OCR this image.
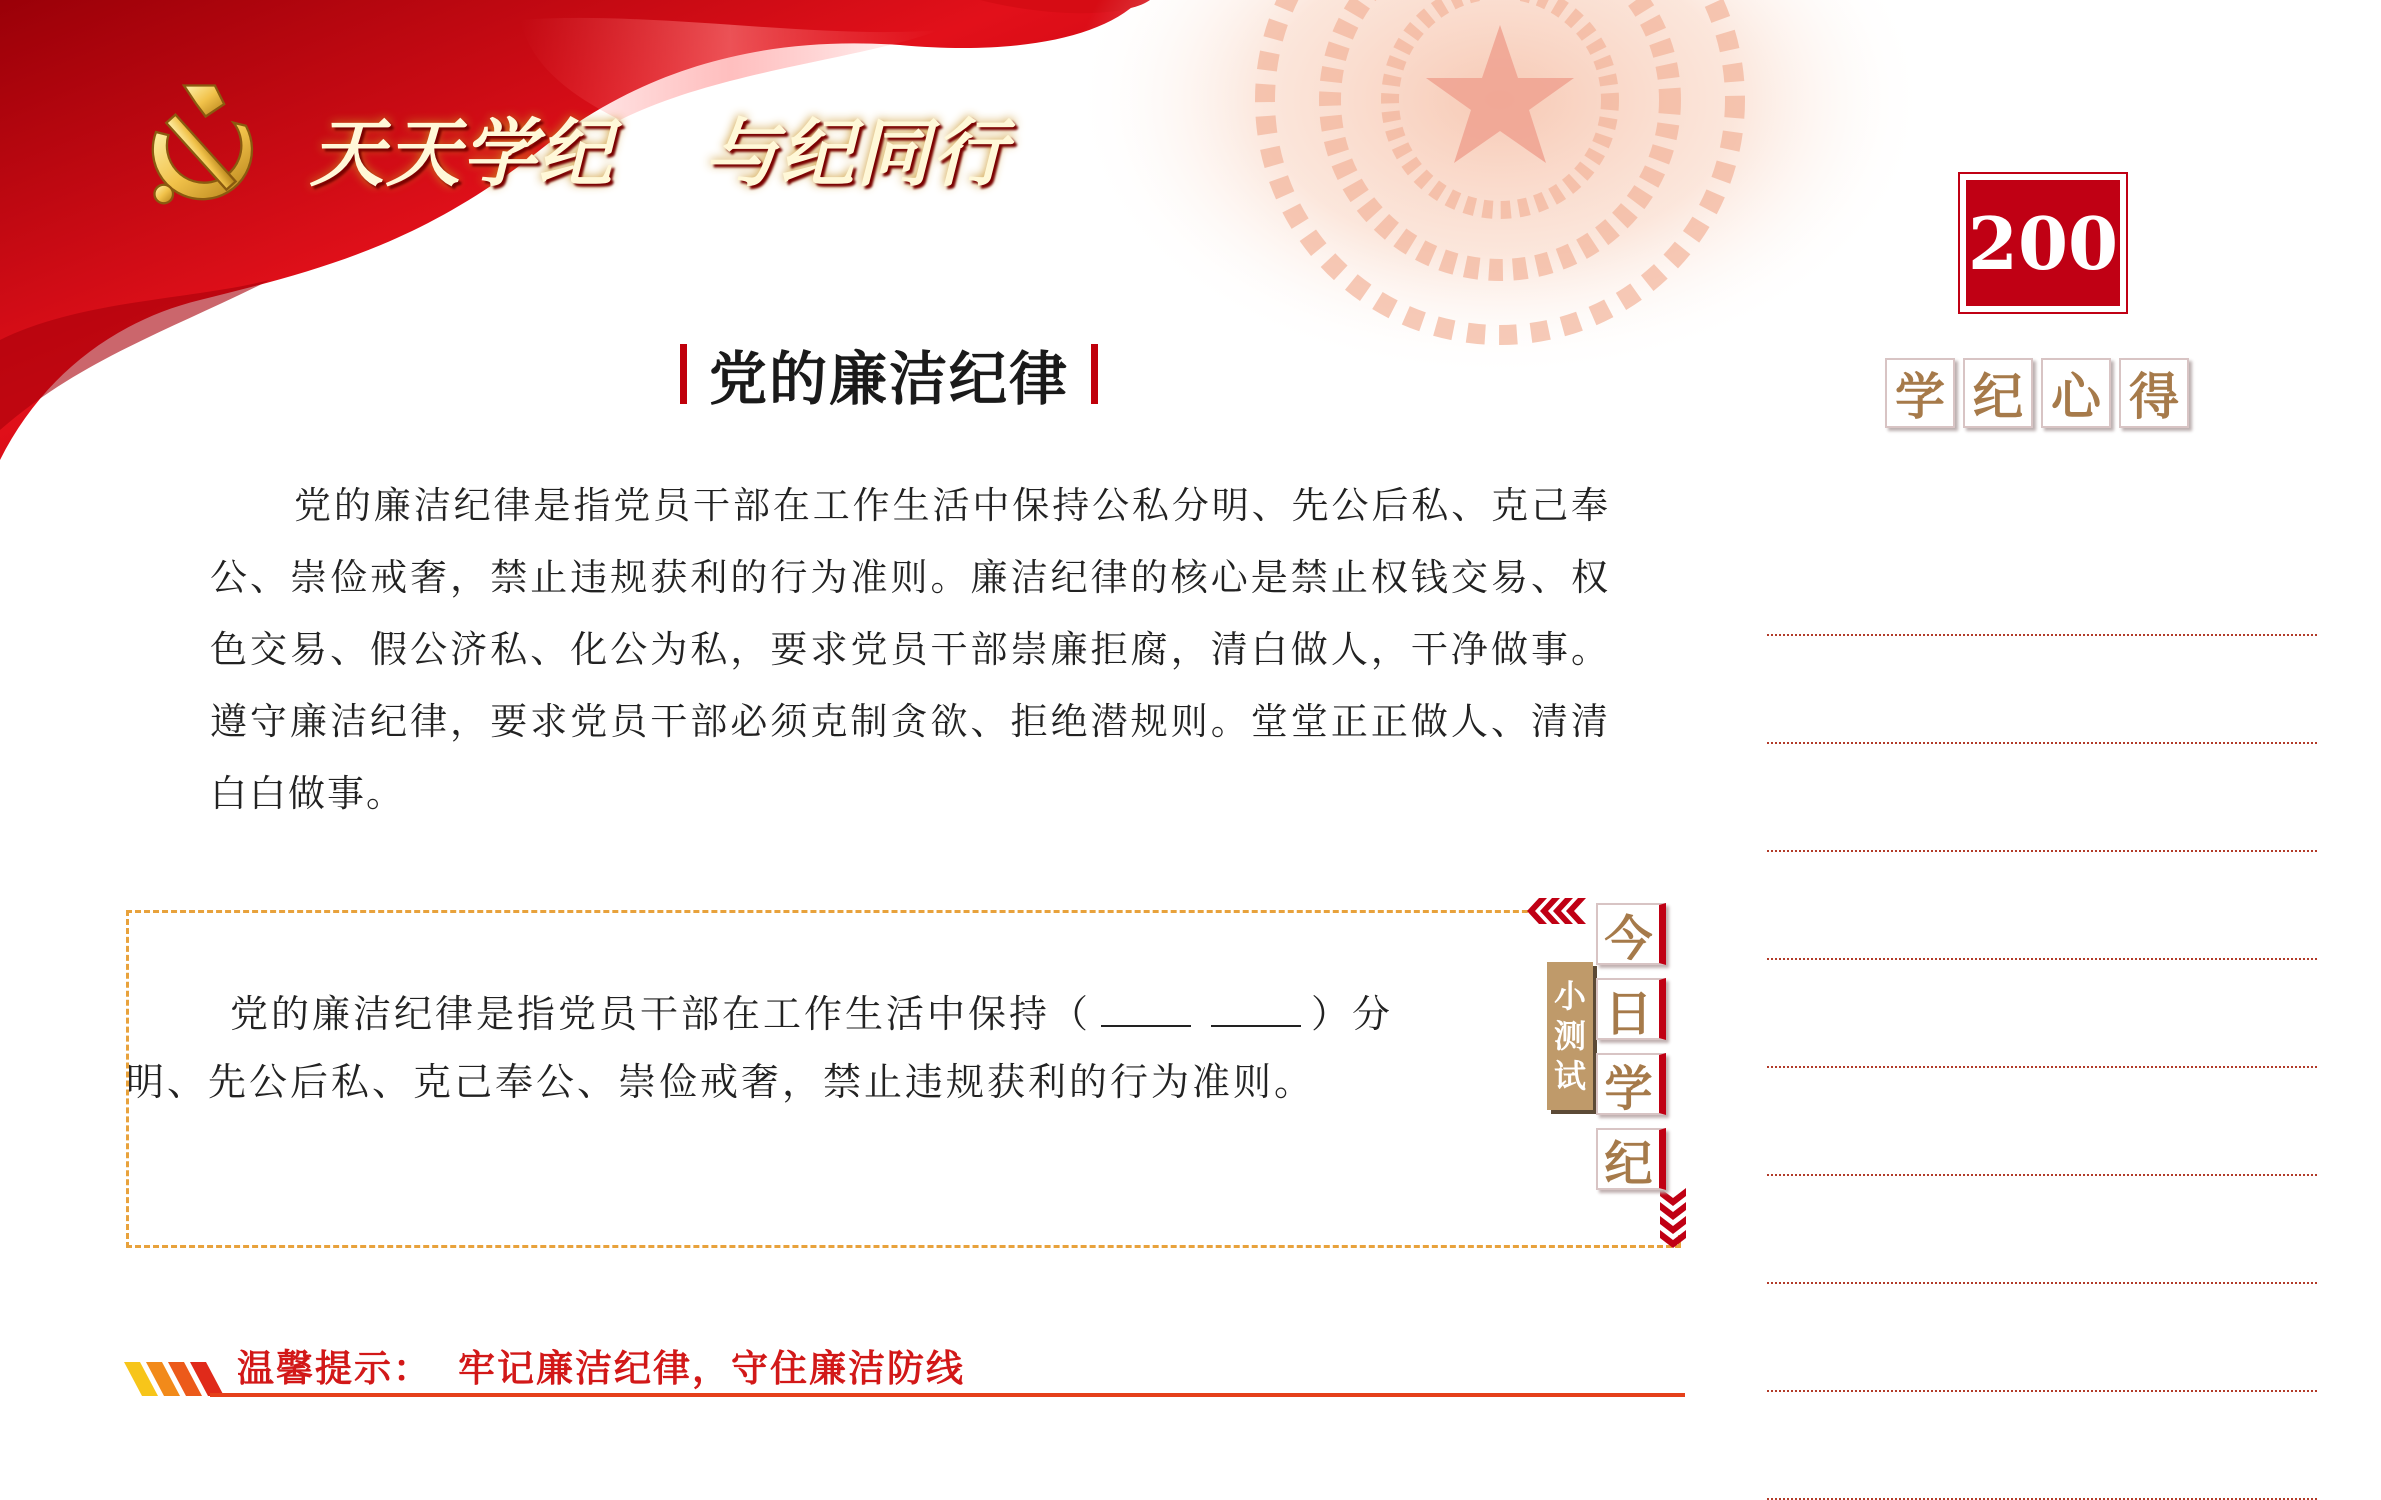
天天学纪 与纪同行
200
学 纪 心 得
党的廉洁纪律

党的廉洁纪律是指党员干部在工作生活中保持公私分明、先公后私、克己奉公、崇俭戒奢，禁止违规获利的行为准则。廉洁纪律的核心是禁止权钱交易、权色交易、假公济私、化公为私，要求党员干部崇廉拒腐，清白做人，干净做事。遵守廉洁纪律，要求党员干部必须克制贪欲、拒绝潜规则。堂堂正正做人、清清白白做事。

小
测
试
今
日
学
纪

党的廉洁纪律是指党员干部在工作生活中保持（	）分明、先公后私、克己奉公、崇俭戒奢，禁止违规获利的行为准则。

温馨提示： 牢记廉洁纪律，守住廉洁防线
